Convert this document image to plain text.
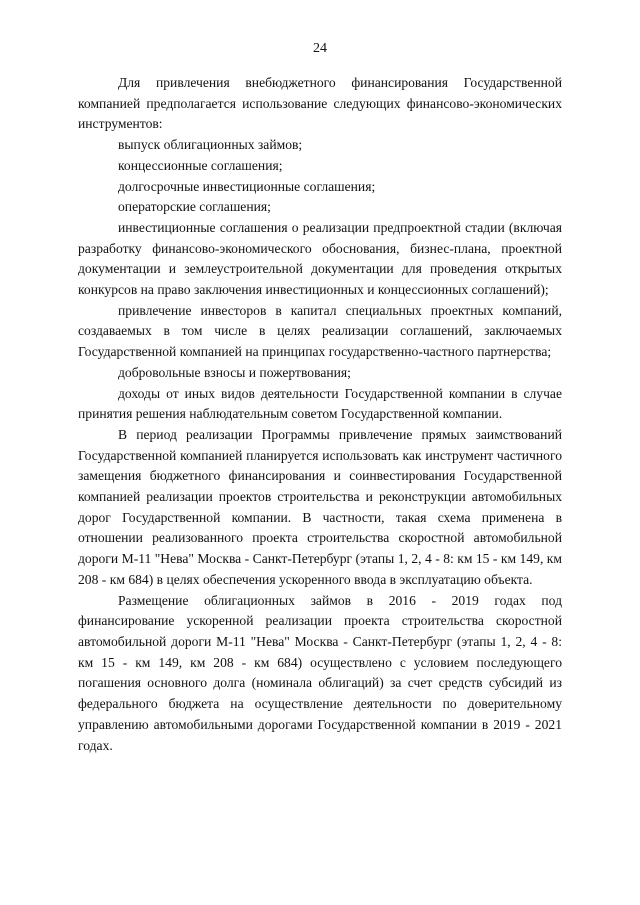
24

Для привлечения внебюджетного финансирования Государственной компанией предполагается использование следующих финансово-экономических инструментов:

выпуск облигационных займов;

концессионные соглашения;

долгосрочные инвестиционные соглашения;

операторские соглашения;

инвестиционные соглашения о реализации предпроектной стадии (включая разработку финансово-экономического обоснования, бизнес-плана, проектной документации и землеустроительной документации для проведения открытых конкурсов на право заключения инвестиционных и концессионных соглашений);

привлечение инвесторов в капитал специальных проектных компаний, создаваемых в том числе в целях реализации соглашений, заключаемых Государственной компанией на принципах государственно-частного партнерства;

добровольные взносы и пожертвования;

доходы от иных видов деятельности Государственной компании в случае принятия решения наблюдательным советом Государственной компании.

В период реализации Программы привлечение прямых заимствований Государственной компанией планируется использовать как инструмент частичного замещения бюджетного финансирования и соинвестирования Государственной компанией реализации проектов строительства и реконструкции автомобильных дорог Государственной компании. В частности, такая схема применена в отношении реализованного проекта строительства скоростной автомобильной дороги М-11 "Нева" Москва - Санкт-Петербург (этапы 1, 2, 4 - 8: км 15 - км 149, км 208 - км 684) в целях обеспечения ускоренного ввода в эксплуатацию объекта.

Размещение облигационных займов в 2016 - 2019 годах под финансирование ускоренной реализации проекта строительства скоростной автомобильной дороги М-11 "Нева" Москва - Санкт-Петербург (этапы 1, 2, 4 - 8: км 15 - км 149, км 208 - км 684) осуществлено с условием последующего погашения основного долга (номинала облигаций) за счет средств субсидий из федерального бюджета на осуществление деятельности по доверительному управлению автомобильными дорогами Государственной компании в 2019 - 2021 годах.
